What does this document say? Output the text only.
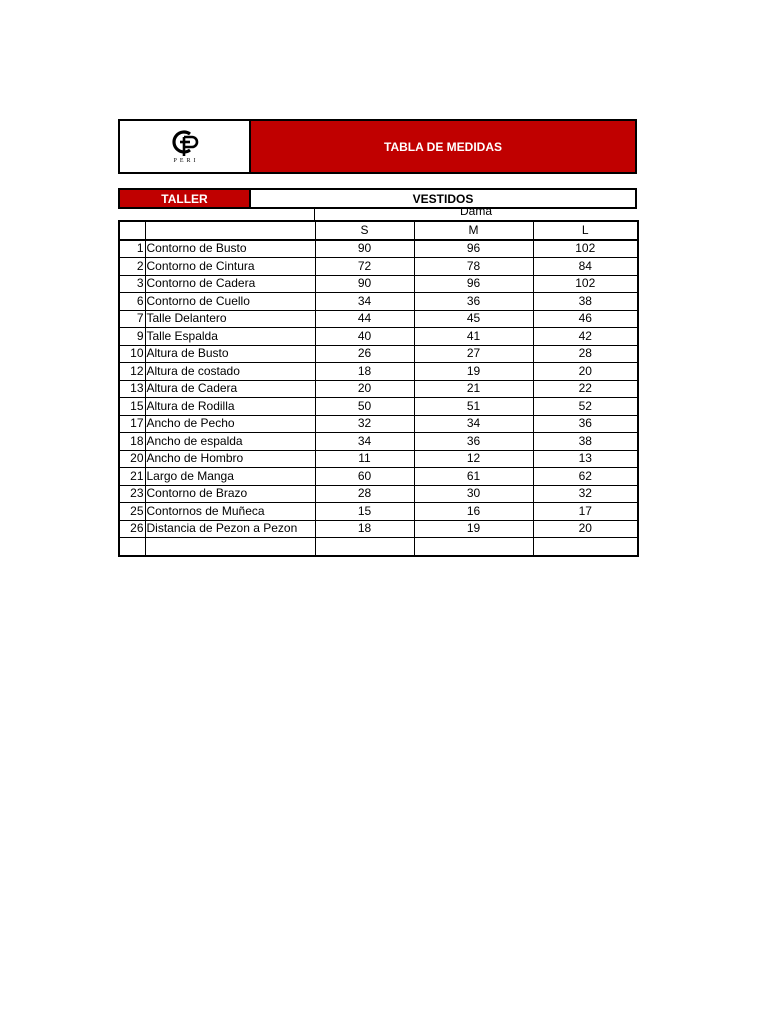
PERI
TABLA DE MEDIDAS
TALLER	VESTIDOS
Dama
		S	M	L
1	Contorno de Busto	90	96	102
2	Contorno de Cintura	72	78	84
3	Contorno de Cadera	90	96	102
6	Contorno de Cuello	34	36	38
7	Talle Delantero	44	45	46
9	Talle Espalda	40	41	42
10	Altura de Busto	26	27	28
12	Altura de costado	18	19	20
13	Altura de Cadera	20	21	22
15	Altura de Rodilla	50	51	52
17	Ancho de Pecho	32	34	36
18	Ancho de espalda	34	36	38
20	Ancho de Hombro	11	12	13
21	Largo de Manga	60	61	62
23	Contorno de Brazo	28	30	32
25	Contornos de Muñeca	15	16	17
26	Distancia de Pezon a Pezon	18	19	20
